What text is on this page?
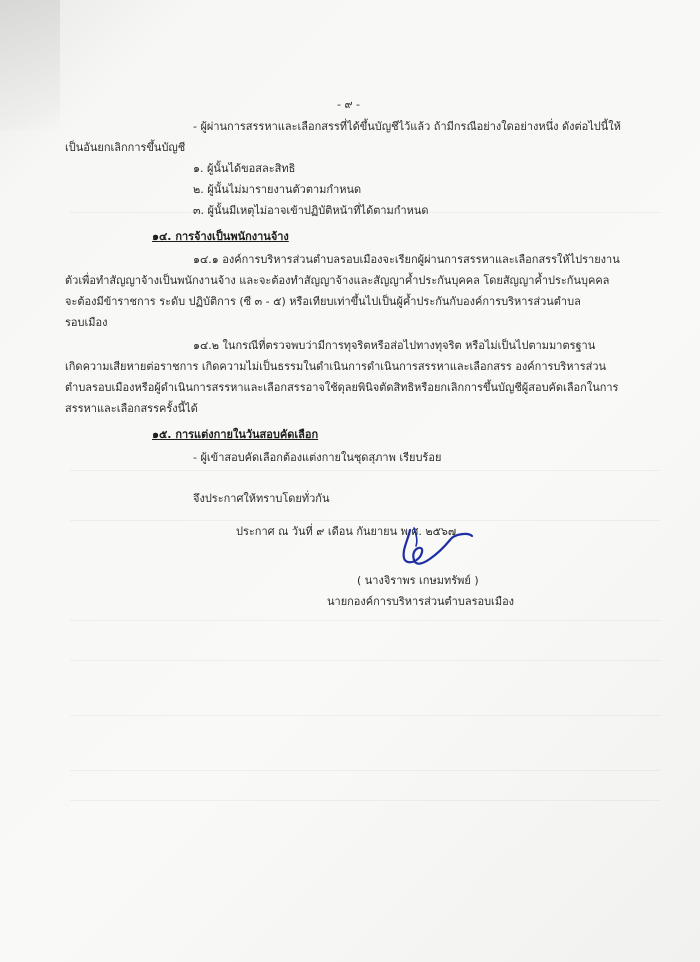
- ๙ -
- ผู้ผ่านการสรรหาและเลือกสรรที่ได้ขึ้นบัญชีไว้แล้ว ถ้ามีกรณีอย่างใดอย่างหนึ่ง ดังต่อไปนี้ให้
เป็นอันยกเลิกการขึ้นบัญชี
๑. ผู้นั้นได้ขอสละสิทธิ
๒. ผู้นั้นไม่มารายงานตัวตามกำหนด
๓. ผู้นั้นมีเหตุไม่อาจเข้าปฏิบัติหน้าที่ได้ตามกำหนด
๑๔. การจ้างเป็นพนักงานจ้าง
๑๔.๑ องค์การบริหารส่วนตำบลรอบเมืองจะเรียกผู้ผ่านการสรรหาและเลือกสรรให้ไปรายงาน
ตัวเพื่อทำสัญญาจ้างเป็นพนักงานจ้าง และจะต้องทำสัญญาจ้างและสัญญาค้ำประกันบุคคล โดยสัญญาค้ำประกันบุคคล
จะต้องมีข้าราชการ ระดับ ปฏิบัติการ (ซี ๓ - ๕) หรือเทียบเท่าขึ้นไปเป็นผู้ค้ำประกันกับองค์การบริหารส่วนตำบล
รอบเมือง
๑๔.๒ ในกรณีที่ตรวจพบว่ามีการทุจริตหรือส่อไปทางทุจริต หรือไม่เป็นไปตามมาตรฐาน
เกิดความเสียหายต่อราชการ เกิดความไม่เป็นธรรมในดำเนินการดำเนินการสรรหาและเลือกสรร องค์การบริหารส่วน
ตำบลรอบเมืองหรือผู้ดำเนินการสรรหาและเลือกสรรอาจใช้ดุลยพินิจตัดสิทธิหรือยกเลิกการขึ้นบัญชีผู้สอบคัดเลือกในการ
สรรหาและเลือกสรรครั้งนี้ได้
๑๕. การแต่งกายในวันสอบคัดเลือก
- ผู้เข้าสอบคัดเลือกต้องแต่งกายในชุดสุภาพ เรียบร้อย
จึงประกาศให้ทราบโดยทั่วกัน
ประกาศ ณ วันที่ ๙ เดือน กันยายน พ.ศ. ๒๕๖๗
( นางจิราพร เกษมทรัพย์ )
นายกองค์การบริหารส่วนตำบลรอบเมือง
